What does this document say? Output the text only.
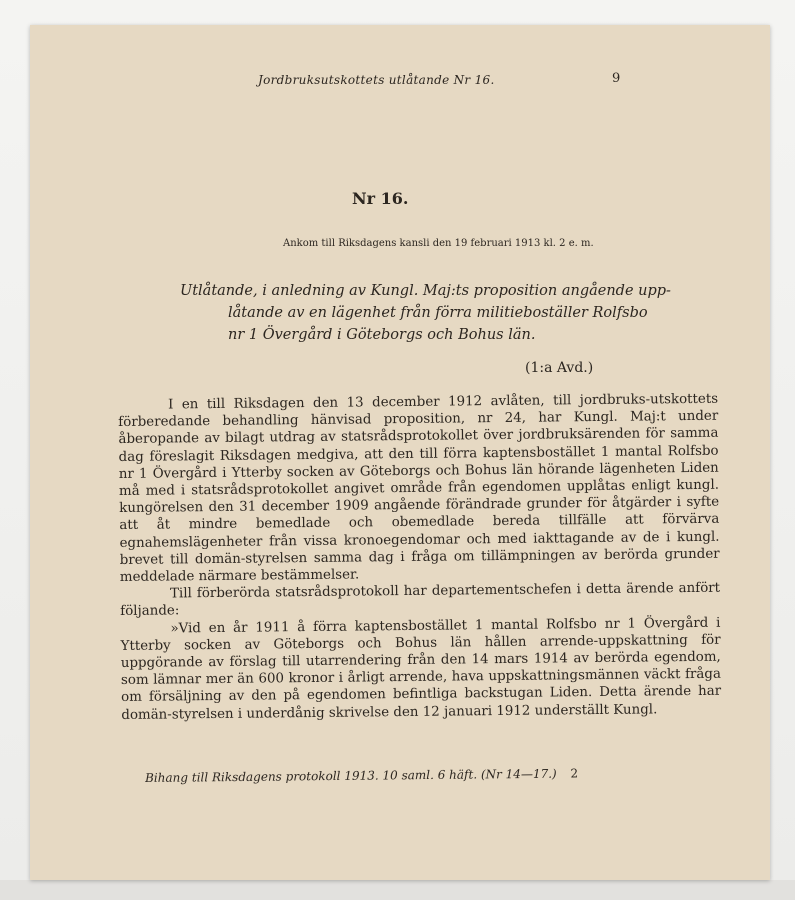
Jordbruksutskottets utlåtande Nr 16.	9
Nr 16.
Ankom till Riksdagens kansli den 19 februari 1913 kl. 2 e. m.
Utlåtande, i anledning av Kungl. Maj:ts proposition angående upp-
låtande av en lägenhet från förra militieboställer Rolfsbo
nr 1 Övergård i Göteborgs och Bohus län.
(1:a Avd.)

I en till Riksdagen den 13 december 1912 avlåten, till jordbruks-utskottets förberedande behandling hänvisad proposition, nr 24, har Kungl. Maj:t under åberopande av bilagt utdrag av statsrådsprotokollet över jordbruksärenden för samma dag föreslagit Riksdagen medgiva, att den till förra kaptensbostället 1 mantal Rolfsbo nr 1 Övergård i Ytterby socken av Göteborgs och Bohus län hörande lägenheten Liden må med i statsrådsprotokollet angivet område från egendomen upplåtas enligt kungl. kungörelsen den 31 december 1909 angående förändrade grunder för åtgärder i syfte att åt mindre bemedlade och obemedlade bereda tillfälle att förvärva egnahemslägenheter från vissa kronoegendomar och med iakttagande av de i kungl. brevet till domän-styrelsen samma dag i fråga om tillämpningen av berörda grunder meddelade närmare bestämmelser.

Till förberörda statsrådsprotokoll har departementschefen i detta ärende anfört följande:

»Vid en år 1911 å förra kaptensbostället 1 mantal Rolfsbo nr 1 Övergård i Ytterby socken av Göteborgs och Bohus län hållen arrende-uppskattning för uppgörande av förslag till utarrendering från den 14 mars 1914 av berörda egendom, som lämnar mer än 600 kronor i årligt arrende, hava uppskattningsmännen väckt fråga om försäljning av den på egendomen befintliga backstugan Liden. Detta ärende har domän-styrelsen i underdånig skrivelse den 12 januari 1912 underställt Kungl.

Bihang till Riksdagens protokoll 1913. 10 saml. 6 häft. (Nr 14—17.) 2
